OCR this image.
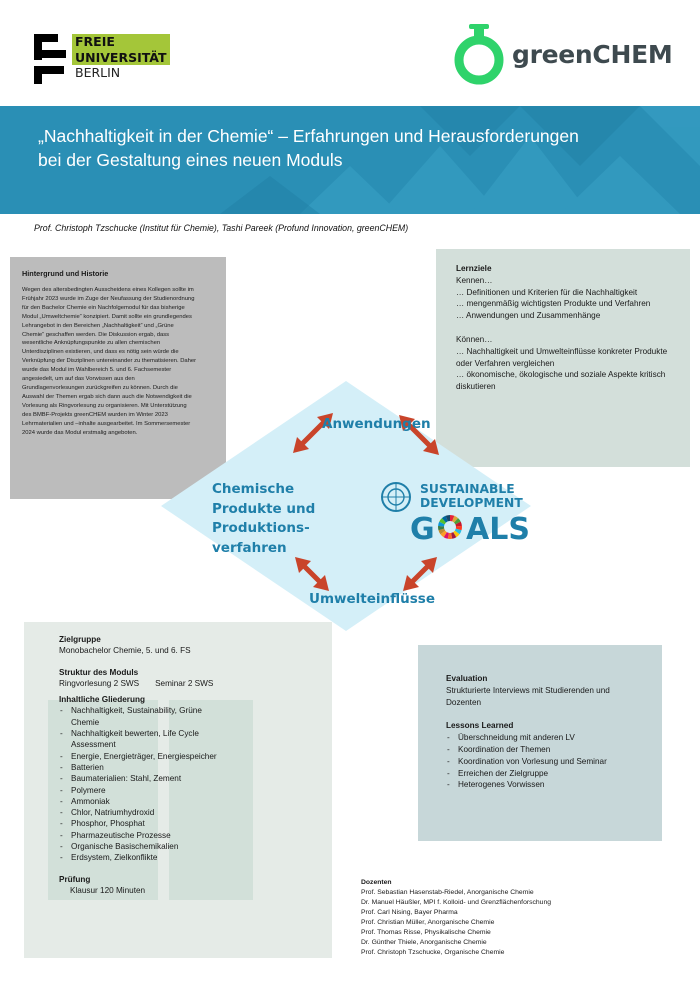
FREIE
UNIVERSITÄT
BERLIN
greenCHEM
„Nachhaltigkeit in der Chemie“ – Erfahrungen und Herausforderungen
bei der Gestaltung eines neuen Moduls
Prof. Christoph Tzschucke (Institut für Chemie), Tashi Pareek (Profund Innovation, greenCHEM)
Hintergrund und Historie
Wegen des altersbedingten Ausscheidens eines Kollegen sollte im
Frühjahr 2023 wurde im Zuge der Neufassung der Studienordnung
für den Bachelor Chemie ein Nachfolgemodul für das bisherige
Modul „Umweltchemie“ konzipiert. Damit sollte ein grundlegendes
Lehrangebot in den Bereichen „Nachhaltigkeit“ und „Grüne
Chemie“ geschaffen werden. Die Diskussion ergab, dass
wesentliche Anknüpfungspunkte zu allen chemischen
Unterdisziplinen existieren, und dass es nötig sein würde die
Verknüpfung der Disziplinen untereinander zu thematisieren. Daher
wurde das Modul im Wahlbereich 5. und 6. Fachsemester
angesiedelt, um auf das Vorwissen aus den
Grundlagenvorlesungen zurückgreifen zu können. Durch die
Auswahl der Themen ergab sich dann auch die Notwendigkeit die
Vorlesung als Ringvorlesung zu organisieren. Mit Unterstützung
des BMBF-Projekts greenCHEM wurden im Winter 2023
Lehrmaterialien und –inhalte ausgearbeitet. Im Sommersemester
2024 wurde das Modul erstmalig angeboten.
Lernziele
Kennen…
… Definitionen und Kriterien für die Nachhaltigkeit
… mengenmäßig wichtigsten Produkte und Verfahren
… Anwendungen und Zusammenhänge
Können…
… Nachhaltigkeit und Umwelteinflüsse konkreter Produkte
oder Verfahren vergleichen
… ökonomische, ökologische und soziale Aspekte kritisch
diskutieren
Zielgruppe
Monobachelor Chemie, 5. und 6. FS
Struktur des Moduls
Ringvorlesung 2 SWS Seminar 2 SWS
Inhaltliche Gliederung
- Nachhaltigkeit, Sustainability, Grüne Chemie
- Nachhaltigkeit bewerten, Life Cycle Assessment
- Energie, Energieträger, Energiespeicher
- Batterien
- Baumaterialien: Stahl, Zement
- Polymere
- Ammoniak
- Chlor, Natriumhydroxid
- Phosphor, Phosphat
- Pharmazeutische Prozesse
- Organische Basischemikalien
- Erdsystem, Zielkonflikte
Prüfung
Klausur 120 Minuten
Evaluation
Strukturierte Interviews mit Studierenden und
Dozenten
Lessons Learned
- Überschneidung mit anderen LV
- Koordination der Themen
- Koordination von Vorlesung und Seminar
- Erreichen der Zielgruppe
- Heterogenes Vorwissen
SUSTAINABLE
DEVELOPMENT
G ALS
Anwendungen
Chemische
Produkte und
Produktions-
verfahren
Umwelteinflüsse
Dozenten
Prof. Sebastian Hasenstab-Riedel, Anorganische Chemie
Dr. Manuel Häußler, MPI f. Kolloid- und Grenzflächenforschung
Prof. Carl Nising, Bayer Pharma
Prof. Christian Müller, Anorganische Chemie
Prof. Thomas Risse, Physikalische Chemie
Dr. Günther Thiele, Anorganische Chemie
Prof. Christoph Tzschucke, Organische Chemie
